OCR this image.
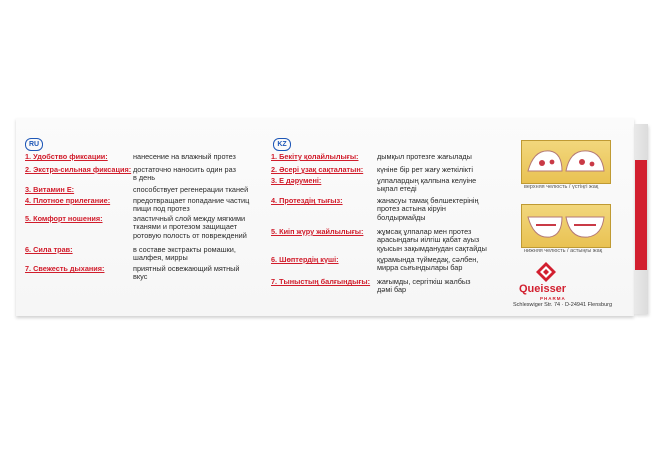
RU	KZ
1. Удобство фиксации:	нанесение на влажный протез
2. Экстра-сильная фиксация: достаточно наносить один раз
в день
3. Витамин Е:	способствует регенерации тканей
4. Плотное прилегание:	предотвращает попадание частиц
пищи под протез
5. Комфорт ношения:	эластичный слой между мягкими
тканями и протезом защищает
ротовую полость от повреждений
6. Сила трав:	в составе экстракты ромашки,
шалфея, мирры
7. Свежесть дыхания:	приятный освежающий мятный
вкус
1. Бекіту қолайлылығы:	дымқыл протезге жағылады
2. Әсері ұзақ сақталатын: күніне бір рет жағу жеткілікті
3. Е дәрумені:	ұлпалардың қалпына келуіне
ықпал етеді
4. Протездің тығыз:	жанасуы тамақ бөлшектерінің
протез астына кіруін
болдырмайды
5. Киіп жүру жайлылығы: жұмсақ ұлпалар мен протез
арасындағы иілгіш қабат ауыз
қуысын зақымданудан сақтайды
6. Шөптердің күші:	құрамында түймедақ, сәлбен,
мирра сығындылары бар
7. Тыныстың балғындығы: жағымды, сергіткіш жалбыз
дәмі бар
верхняя челюсть / үстіңгі жақ
нижняя челюсть / астыңғы жақ
Queisser
PHARMA
Schleswiger Str. 74 · D-24941 Flensburg
